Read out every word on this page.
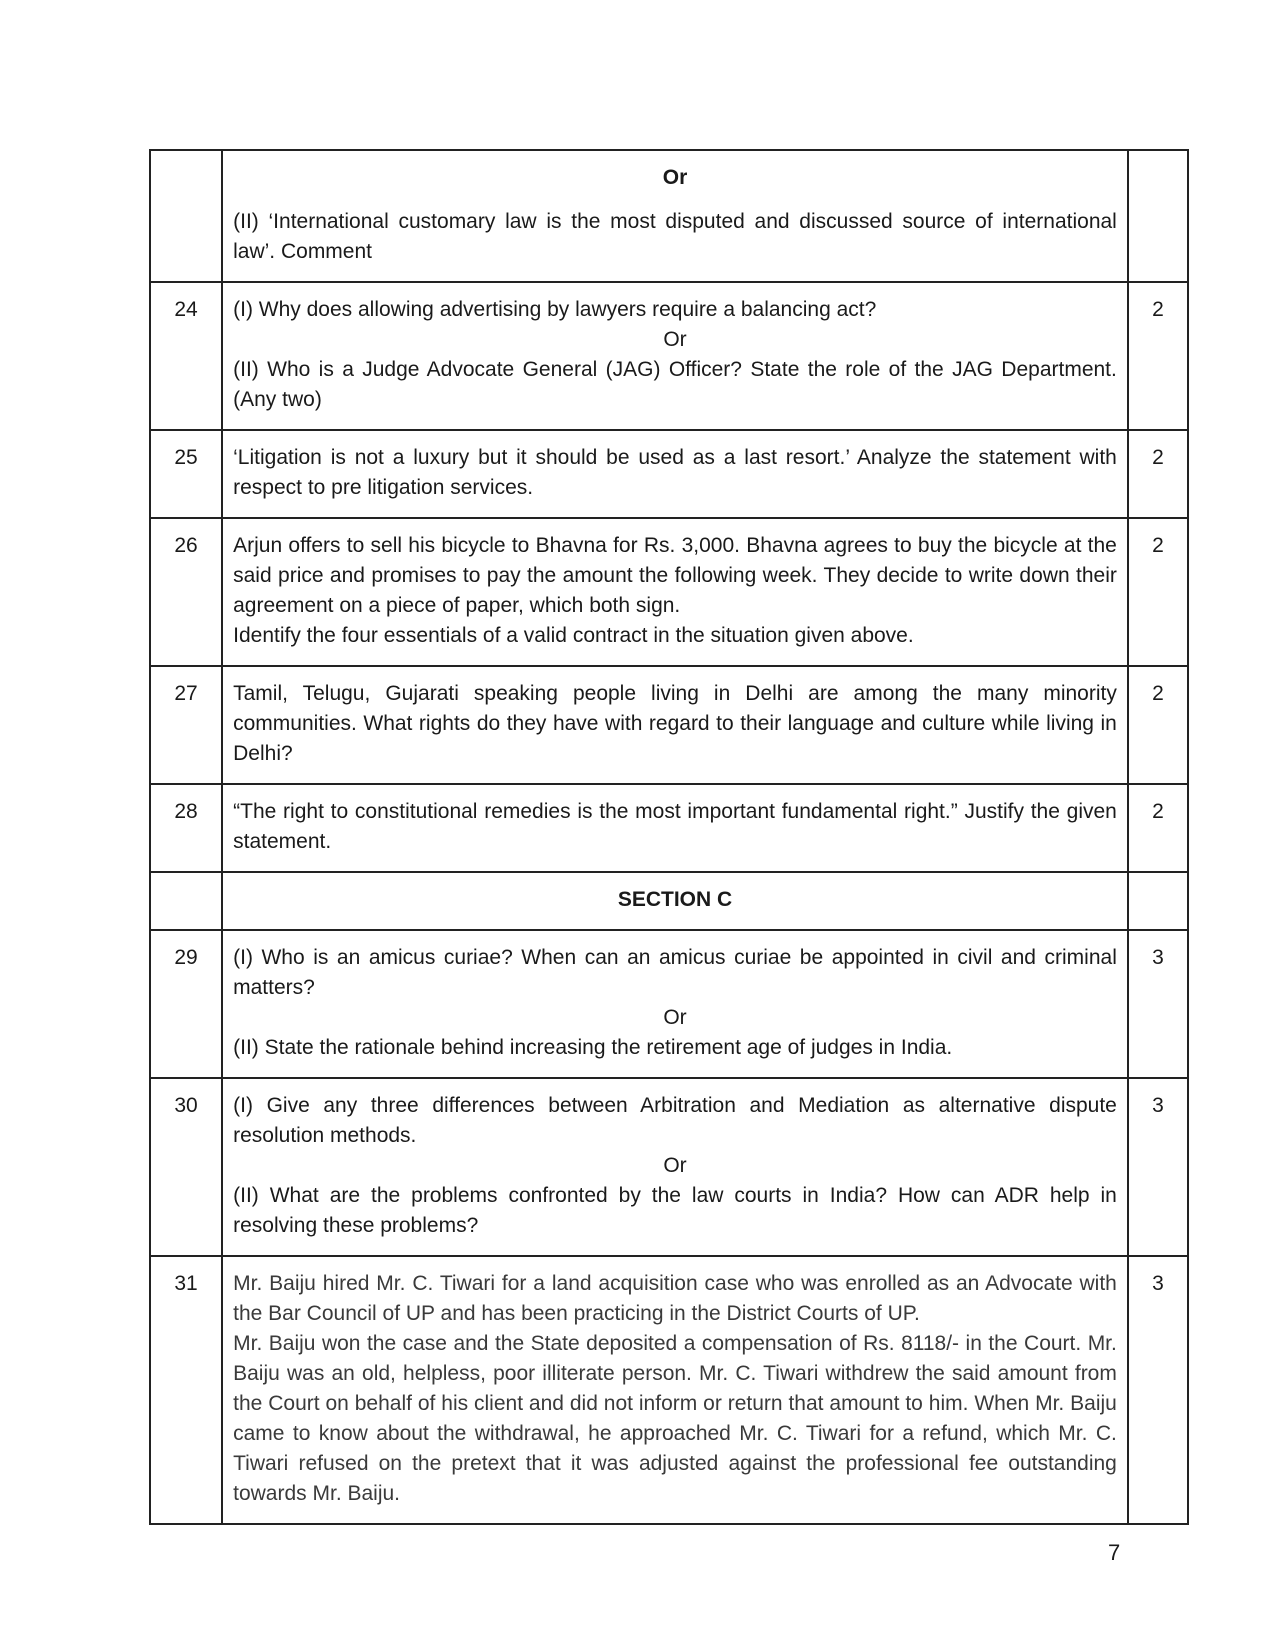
	Or

(II) ‘International customary law is the most disputed and discussed source of international law’. Comment	

24	(I) Why does allowing advertising by lawyers require a balancing act?

Or

(II) Who is a Judge Advocate General (JAG) Officer? State the role of the JAG Department. (Any two)	2
25	‘Litigation is not a luxury but it should be used as a last resort.’ Analyze the statement with respect to pre litigation services.	2
26	Arjun offers to sell his bicycle to Bhavna for Rs. 3,000. Bhavna agrees to buy the bicycle at the said price and promises to pay the amount the following week. They decide to write down their agreement on a piece of paper, which both sign.

Identify the four essentials of a valid contract in the situation given above.	2
27	Tamil, Telugu, Gujarati speaking people living in Delhi are among the many minority communities. What rights do they have with regard to their language and culture while living in Delhi?	2
28	“The right to constitutional remedies is the most important fundamental right.” Justify the given statement.	2

	SECTION C	

29	(I) Who is an amicus curiae? When can an amicus curiae be appointed in civil and criminal matters?

Or

(II) State the rationale behind increasing the retirement age of judges in India.	3
30	(I) Give any three differences between Arbitration and Mediation as alternative dispute resolution methods.

Or

(II) What are the problems confronted by the law courts in India? How can ADR help in resolving these problems?	3
31	Mr. Baiju hired Mr. C. Tiwari for a land acquisition case who was enrolled as an Advocate with the Bar Council of UP and has been practicing in the District Courts of UP.

Mr. Baiju won the case and the State deposited a compensation of Rs. 8118/- in the Court. Mr. Baiju was an old, helpless, poor illiterate person. Mr. C. Tiwari withdrew the said amount from the Court on behalf of his client and did not inform or return that amount to him. When Mr. Baiju came to know about the withdrawal, he approached Mr. C. Tiwari for a refund, which Mr. C. Tiwari refused on the pretext that it was adjusted against the professional fee outstanding towards Mr. Baiju.	3
7
